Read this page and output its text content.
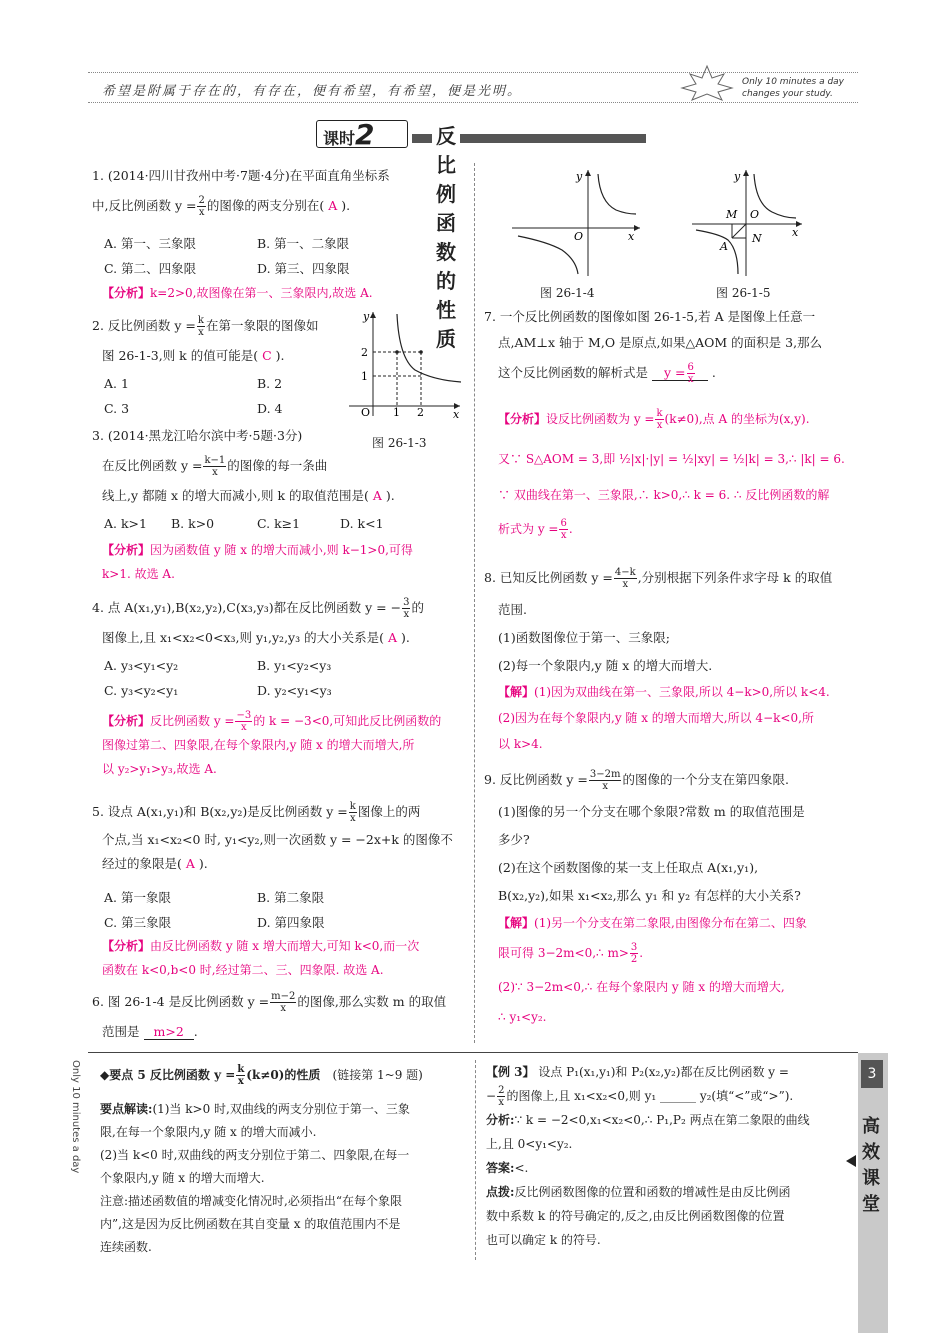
希望是附属于存在的，有存在，便有希望，有希望，便是光明。
Only 10 minutes a day
changes your study.
课时2	反比例函数的性质
1. (2014·四川甘孜州中考·7题·4分)在平面直角坐标系
中,反比例函数 $y = \frac{2}{x}$ 的图像的两支分别在( A ).
A. 第一、三象限	B. 第一、二象限
C. 第二、四象限	D. 第三、四象限
【分析】k=2>0,故图像在第一、三象限内,故选 A.
2. 反比例函数 $y = \frac{k}{x}$ 在第一象限的图像如
图 26-1-3,则 k 的值可能是( C ).
A. 1	B. 2
C. 3	D. 4
y
x
O 1 2
1
2
图 26-1-3
3. (2014·黑龙江哈尔滨中考·5题·3分)
在反比例函数 $y = \frac{k-1}{x}$ 的图像的每一条曲
线上,y 都随 x 的增大而减小,则 k 的取值范围是( A ).
A. k>1 B. k>0	C. k≥1	D. k<1
【分析】因为函数值 y 随 x 的增大而减小,则 k−1>0,可得
k>1. 故选 A.
4. 点 A(x₁,y₁),B(x₂,y₂),C(x₃,y₃)都在反比例函数 y = − $\frac{3}{x}$ 的
图像上,且 x₁<x₂<0<x₃,则 y₁,y₂,y₃ 的大小关系是( A ).
A. y₃<y₁<y₂	B. y₁<y₂<y₃
C. y₃<y₂<y₁	D. y₂<y₁<y₃
【分析】反比例函数 $y = \frac{-3}{x}$ 的 k = −3<0,可知此反比例函数的
图像过第二、四象限,在每个象限内,y 随 x 的增大而增大,所
以 y₂>y₁>y₃,故选 A.
5. 设点 A(x₁,y₁)和 B(x₂,y₂)是反比例函数 $y = \frac{k}{x}$ 图像上的两
个点,当 x₁<x₂<0 时, y₁<y₂,则一次函数 y = −2x+k 的图像不
经过的象限是( A ).
A. 第一象限	B. 第二象限
C. 第三象限	D. 第四象限
【分析】由反比例函数 y 随 x 增大而增大,可知 k<0,而一次
函数在 k<0,b<0 时,经过第二、三、四象限. 故选 A.
6. 图 26-1-4 是反比例函数 $y = \frac{m-2}{x}$ 的图像,那么实数 m 的取值
范围是 m>2 .
y
x
O
图 26-1-4
y
x
O
M
N
A
图 26-1-5
7. 一个反比例函数的图像如图 26-1-5,若 A 是图像上任意一
点,AM⊥x 轴于 M,O 是原点,如果△AOM 的面积是 3,那么
这个反比例函数的解析式是 $y = \frac{6}{x}$ .
【分析】设反比例函数为 $y = \frac{k}{x} (k\ne 0)$,点 A 的坐标为(x,y).
又∵ S△AOM = 3,即 ½|x|·|y| = ½|xy| = ½|k| = 3,∴ |k| = 6.
∵ 双曲线在第一、三象限,∴ k>0,∴ k = 6. ∴ 反比例函数的解
析式为 $y = \frac{6}{x}$ .
8. 已知反比例函数 $y = \frac{4-k}{x}$ ,分别根据下列条件求字母 k 的取值
范围.
(1)函数图像位于第一、三象限;
(2)每一个象限内,y 随 x 的增大而增大.
【解】(1)因为双曲线在第一、三象限,所以 4−k>0,所以 k<4.
(2)因为在每个象限内,y 随 x 的增大而增大,所以 4−k<0,所
以 k>4.
9. 反比例函数 $y = \frac{3-2m}{x}$ 的图像的一个分支在第四象限.
(1)图像的另一个分支在哪个象限?常数 m 的取值范围是
多少?
(2)在这个函数图像的某一支上任取点 A(x₁,y₁),
B(x₂,y₂),如果 x₁<x₂,那么 y₁ 和 y₂ 有怎样的大小关系?
【解】(1)另一个分支在第二象限,由图像分布在第二、四象
限可得 3−2m<0,∴ $m> \frac{3}{2}$ .
(2)∵ 3−2m<0,∴ 在每个象限内 y 随 x 的增大而增大,
∴ y₁<y₂.
Only 10 minutes a day ◆要点 5 反比例函数 $y = \frac{k}{x} (k\ne 0)$的性质 (链接第 1~9 题)
要点解读:(1)当 k>0 时,双曲线的两支分别位于第一、三象
限,在每一个象限内,y 随 x 的增大而减小.
(2)当 k<0 时,双曲线的两支分别位于第二、四象限,在每一
个象限内,y 随 x 的增大而增大.
注意:描述函数值的增减变化情况时,必须指出“在每个象限
内”,这是因为反比例函数在其自变量 x 的取值范围内不是
连续函数.
【例 3】 设点 P₁(x₁,y₁)和 P₂(x₂,y₂)都在反比例函数 y =
− $\frac{2}{x}$ 的图像上,且 x₁<x₂<0,则 y₁ ______ y₂(填“<”或“>”).
分析:∵ k = −2<0,x₁<x₂<0,∴ P₁,P₂ 两点在第二象限的曲线
上,且 0<y₁<y₂.
答案:<.
点拨:反比例函数图像的位置和函数的增减性是由反比例函
数中系数 k 的符号确定的,反之,由反比例函数图像的位置
也可以确定 k 的符号.
3
高
效
课
堂
